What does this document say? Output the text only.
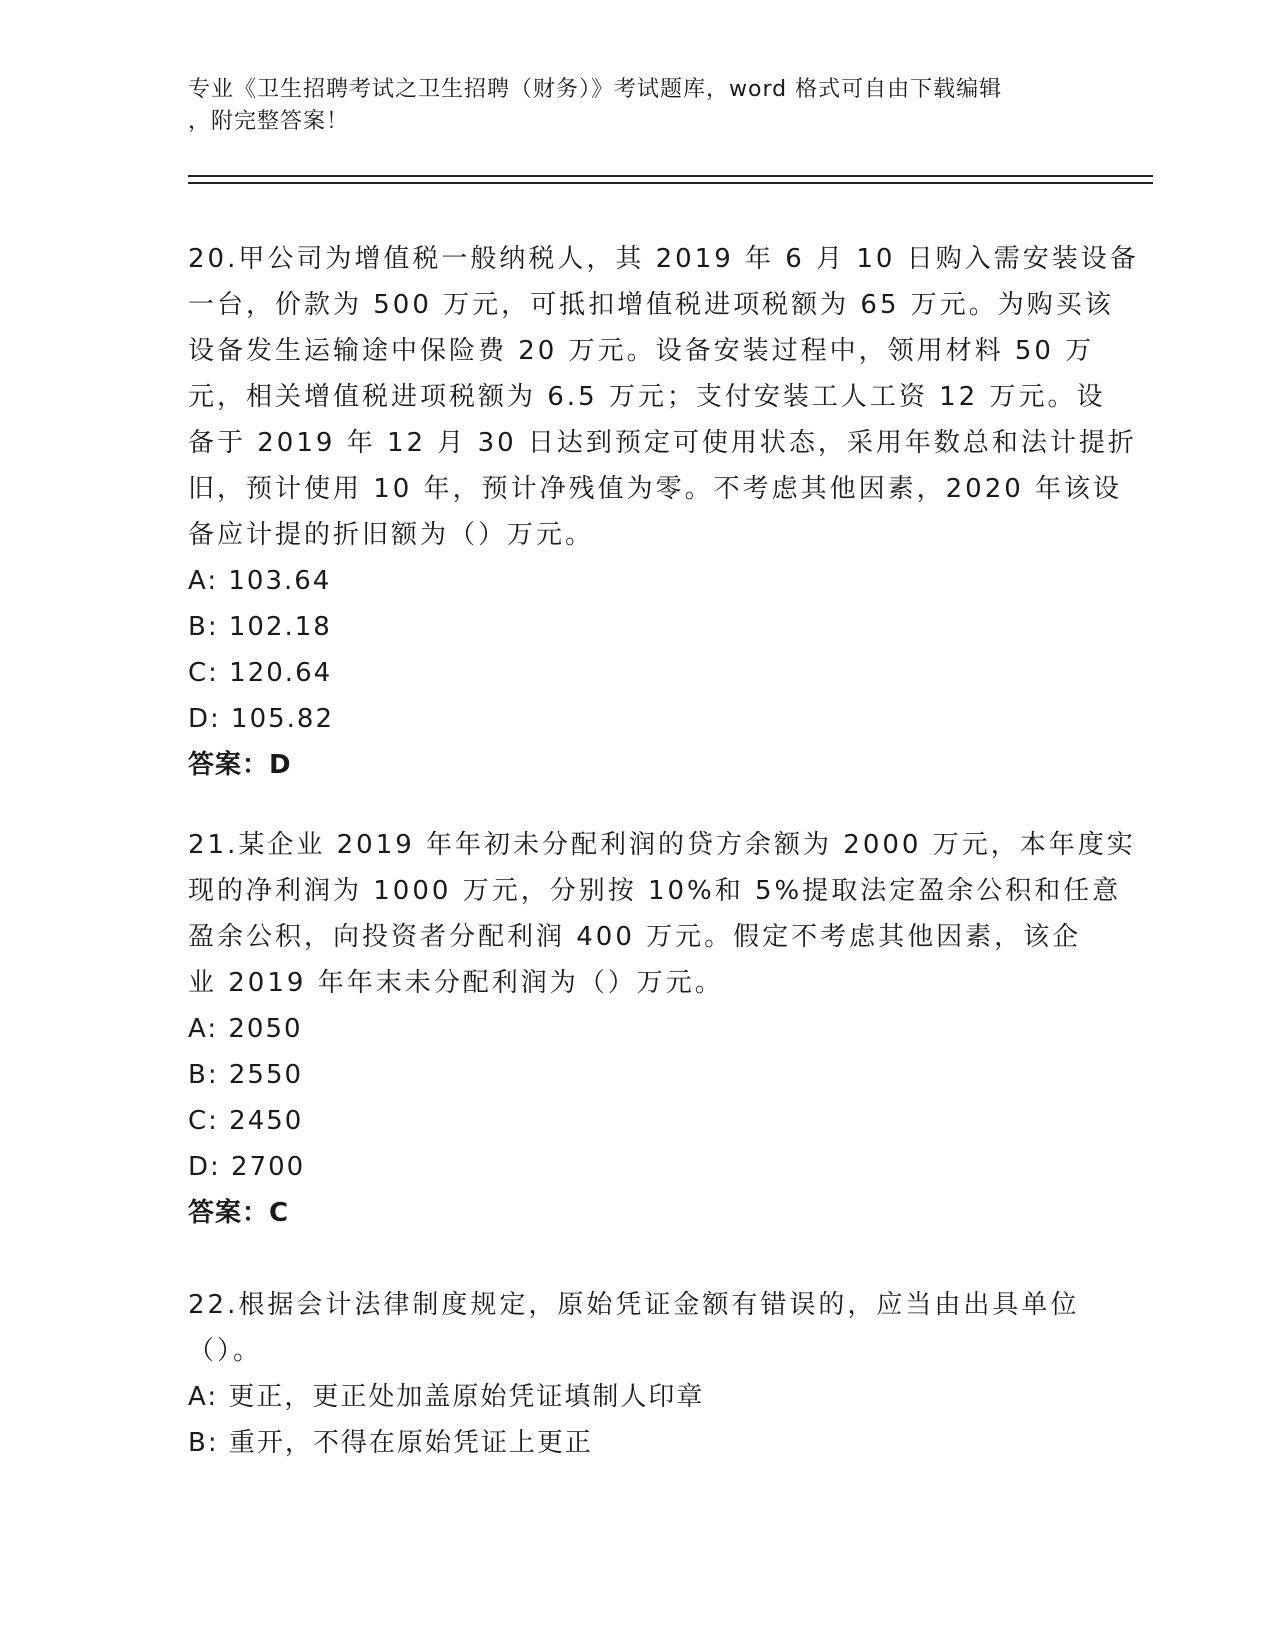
专业《卫生招聘考试之卫生招聘（财务）》考试题库，word 格式可自由下载编辑
，附完整答案！
20.甲公司为增值税一般纳税人，其 2019 年 6 月 10 日购入需安装设备
一台，价款为 500 万元，可抵扣增值税进项税额为 65 万元。为购买该
设备发生运输途中保险费 20 万元。设备安装过程中，领用材料 50 万
元，相关增值税进项税额为 6.5 万元；支付安装工人工资 12 万元。设
备于 2019 年 12 月 30 日达到预定可使用状态，采用年数总和法计提折
旧，预计使用 10 年，预计净残值为零。不考虑其他因素，2020 年该设
备应计提的折旧额为（）万元。
A: 103.64
B: 102.18
C: 120.64
D: 105.82
答案：D
21.某企业 2019 年年初未分配利润的贷方余额为 2000 万元，本年度实
现的净利润为 1000 万元，分别按 10%和 5%提取法定盈余公积和任意
盈余公积，向投资者分配利润 400 万元。假定不考虑其他因素，该企
业 2019 年年末未分配利润为（）万元。
A: 2050
B: 2550
C: 2450
D: 2700
答案：C
22.根据会计法律制度规定，原始凭证金额有错误的，应当由出具单位
（）。
A: 更正，更正处加盖原始凭证填制人印章
B: 重开，不得在原始凭证上更正
